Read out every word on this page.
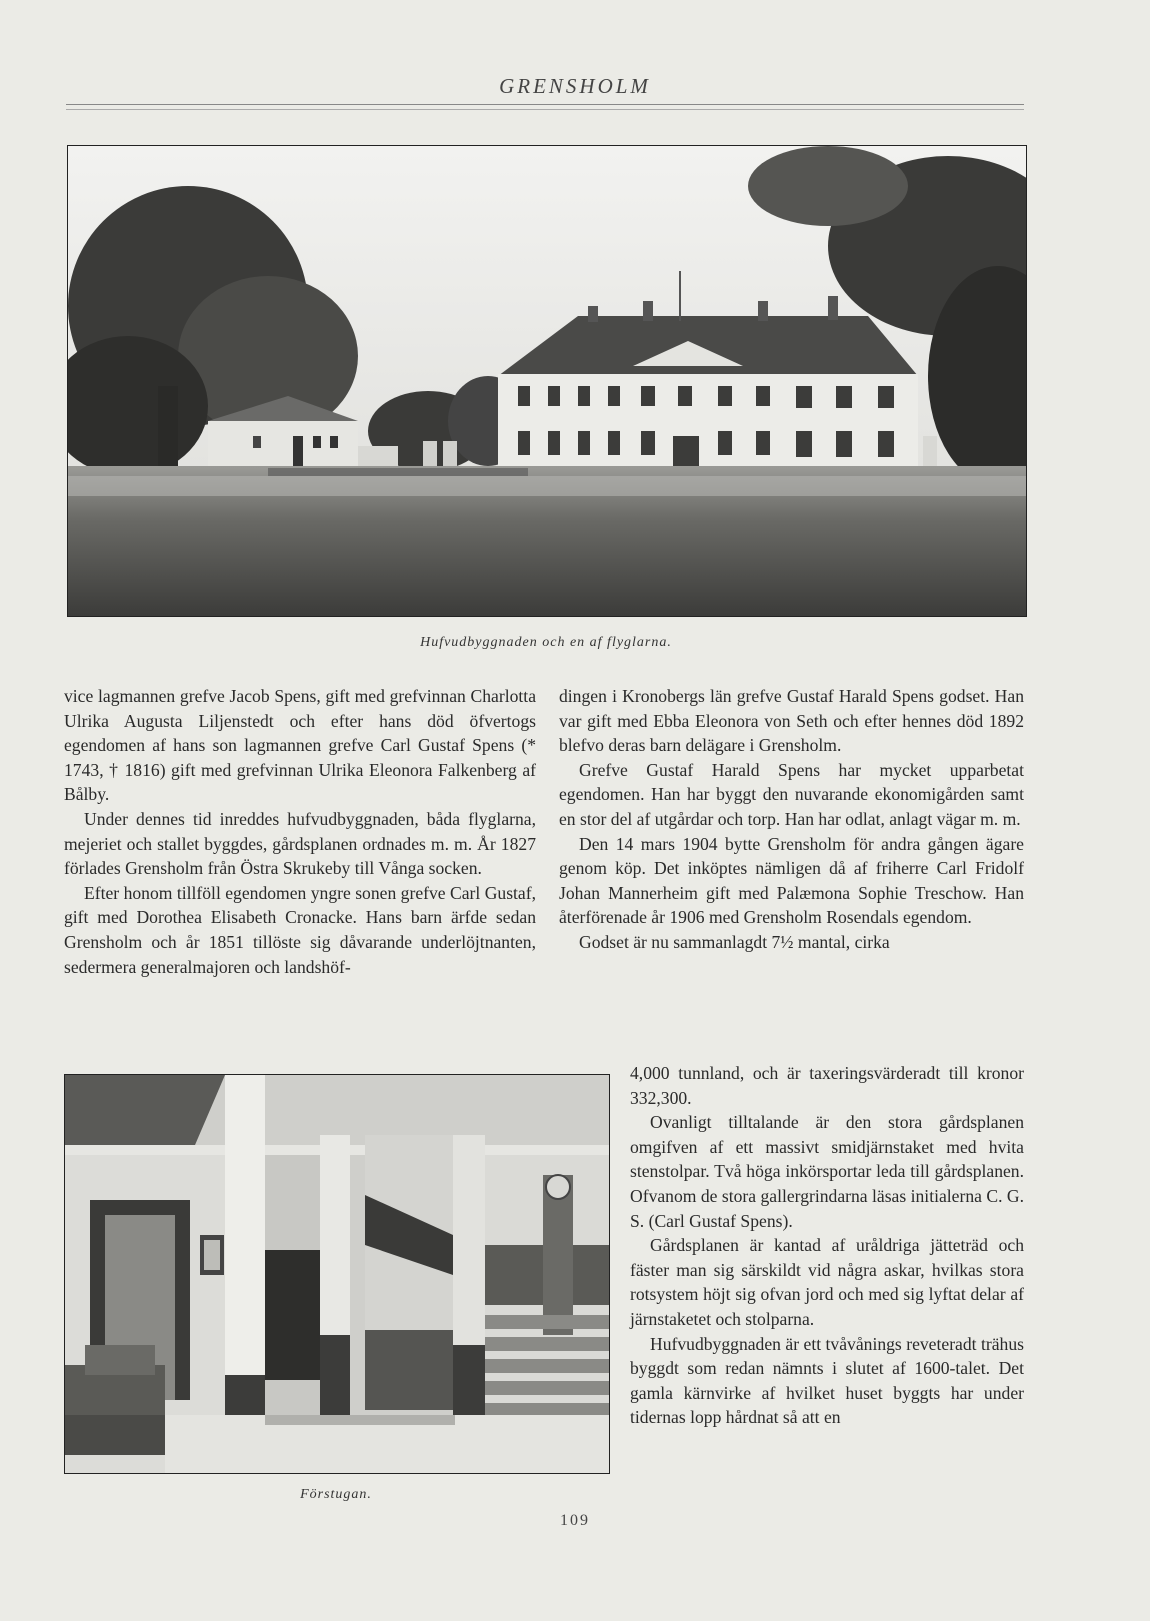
GRENSHOLM
Hufvudbyggnaden och en af flyglarna.

vice lagmannen grefve Jacob Spens, gift med grefvinnan Charlotta Ulrika Augusta Liljenstedt och efter hans död öfvertogs egendomen af hans son lagmannen grefve Carl Gustaf Spens (* 1743, † 1816) gift med grefvinnan Ulrika Eleonora Falkenberg af Bålby.

Under dennes tid inreddes hufvudbyggnaden, båda flyglarna, mejeriet och stallet byggdes, gårdsplanen ordnades m. m. År 1827 förlades Grensholm från Östra Skrukeby till Vånga socken.

Efter honom tillföll egendomen yngre sonen grefve Carl Gustaf, gift med Dorothea Elisabeth Cronacke. Hans barn ärfde sedan Grensholm och år 1851 tillöste sig dåvarande underlöjtnanten, sedermera generalmajoren och landshöf-

dingen i Kronobergs län grefve Gustaf Harald Spens godset. Han var gift med Ebba Eleonora von Seth och efter hennes död 1892 blefvo deras barn delägare i Grensholm.

Grefve Gustaf Harald Spens har mycket upparbetat egendomen. Han har byggt den nuvarande ekonomigården samt en stor del af utgårdar och torp. Han har odlat, anlagt vägar m. m.

Den 14 mars 1904 bytte Grensholm för andra gången ägare genom köp. Det inköptes nämligen då af friherre Carl Fridolf Johan Mannerheim gift med Palæmona Sophie Treschow. Han återförenade år 1906 med Grensholm Rosendals egendom.

Godset är nu sammanlagdt 7½ mantal, cirka

Förstugan.

4,000 tunnland, och är taxeringsvärderadt till kronor 332,300.

Ovanligt tilltalande är den stora gårdsplanen omgifven af ett massivt smidjärnstaket med hvita stenstolpar. Två höga inkörsportar leda till gårdsplanen. Ofvanom de stora gallergrindarna läsas initialerna C. G. S. (Carl Gustaf Spens).

Gårdsplanen är kantad af uråldriga jätteträd och fäster man sig särskildt vid några askar, hvilkas stora rotsystem höjt sig ofvan jord och med sig lyftat delar af järnstaketet och stolparna.

Hufvudbyggnaden är ett tvåvånings reveteradt trähus byggdt som redan nämnts i slutet af 1600-talet. Det gamla kärnvirke af hvilket huset byggts har under tidernas lopp hårdnat så att en

109
